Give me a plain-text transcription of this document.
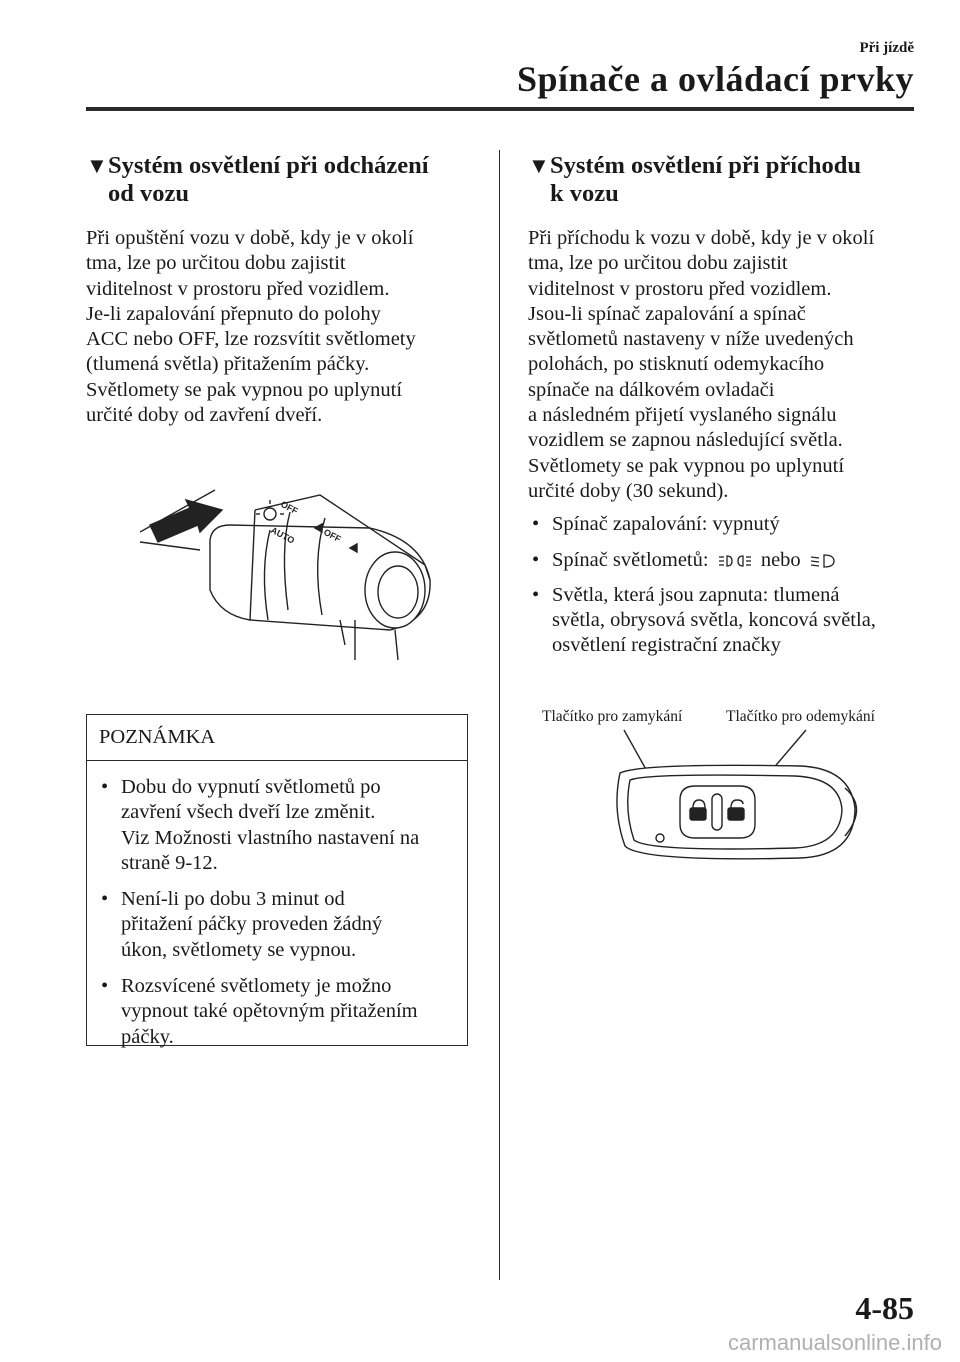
Při jízdě
Spínače a ovládací prvky
▼ Systém osvětlení při odcházení
od vozu

Při opuštění vozu v době, kdy je v okolí
tma, lze po určitou dobu zajistit
viditelnost v prostoru před vozidlem.
Je-li zapalování přepnuto do polohy
ACC nebo OFF, lze rozsvítit světlomety
(tlumená světla) přitažením páčky.
Světlomety se pak vypnou po uplynutí
určité doby od zavření dveří.

OFF
AUTO	OFF
POZNÁMKA
• Dobu do vypnutí světlometů po
zavření všech dveří lze změnit.
Viz Možnosti vlastního nastavení na
straně 9-12.
• Není-li po dobu 3 minut od
přitažení páčky proveden žádný
úkon, světlomety se vypnou.
• Rozsvícené světlomety je možno
vypnout také opětovným přitažením
páčky.
▼ Systém osvětlení při příchodu
k vozu

Při příchodu k vozu v době, kdy je v okolí
tma, lze po určitou dobu zajistit
viditelnost v prostoru před vozidlem.
Jsou-li spínač zapalování a spínač
světlometů nastaveny v níže uvedených
polohách, po stisknutí odemykacího
spínače na dálkovém ovladači
a následném přijetí vyslaného signálu
vozidlem se zapnou následující světla.
Světlomety se pak vypnou po uplynutí
určité doby (30 sekund).

• Spínač zapalování: vypnutý
• Spínač světlometů:	nebo
• Světla, která jsou zapnuta: tlumená
světla, obrysová světla, koncová světla,
osvětlení registrační značky
Tlačítko pro zamykání	Tlačítko pro odemykání
4-85
carmanualsonline.info
